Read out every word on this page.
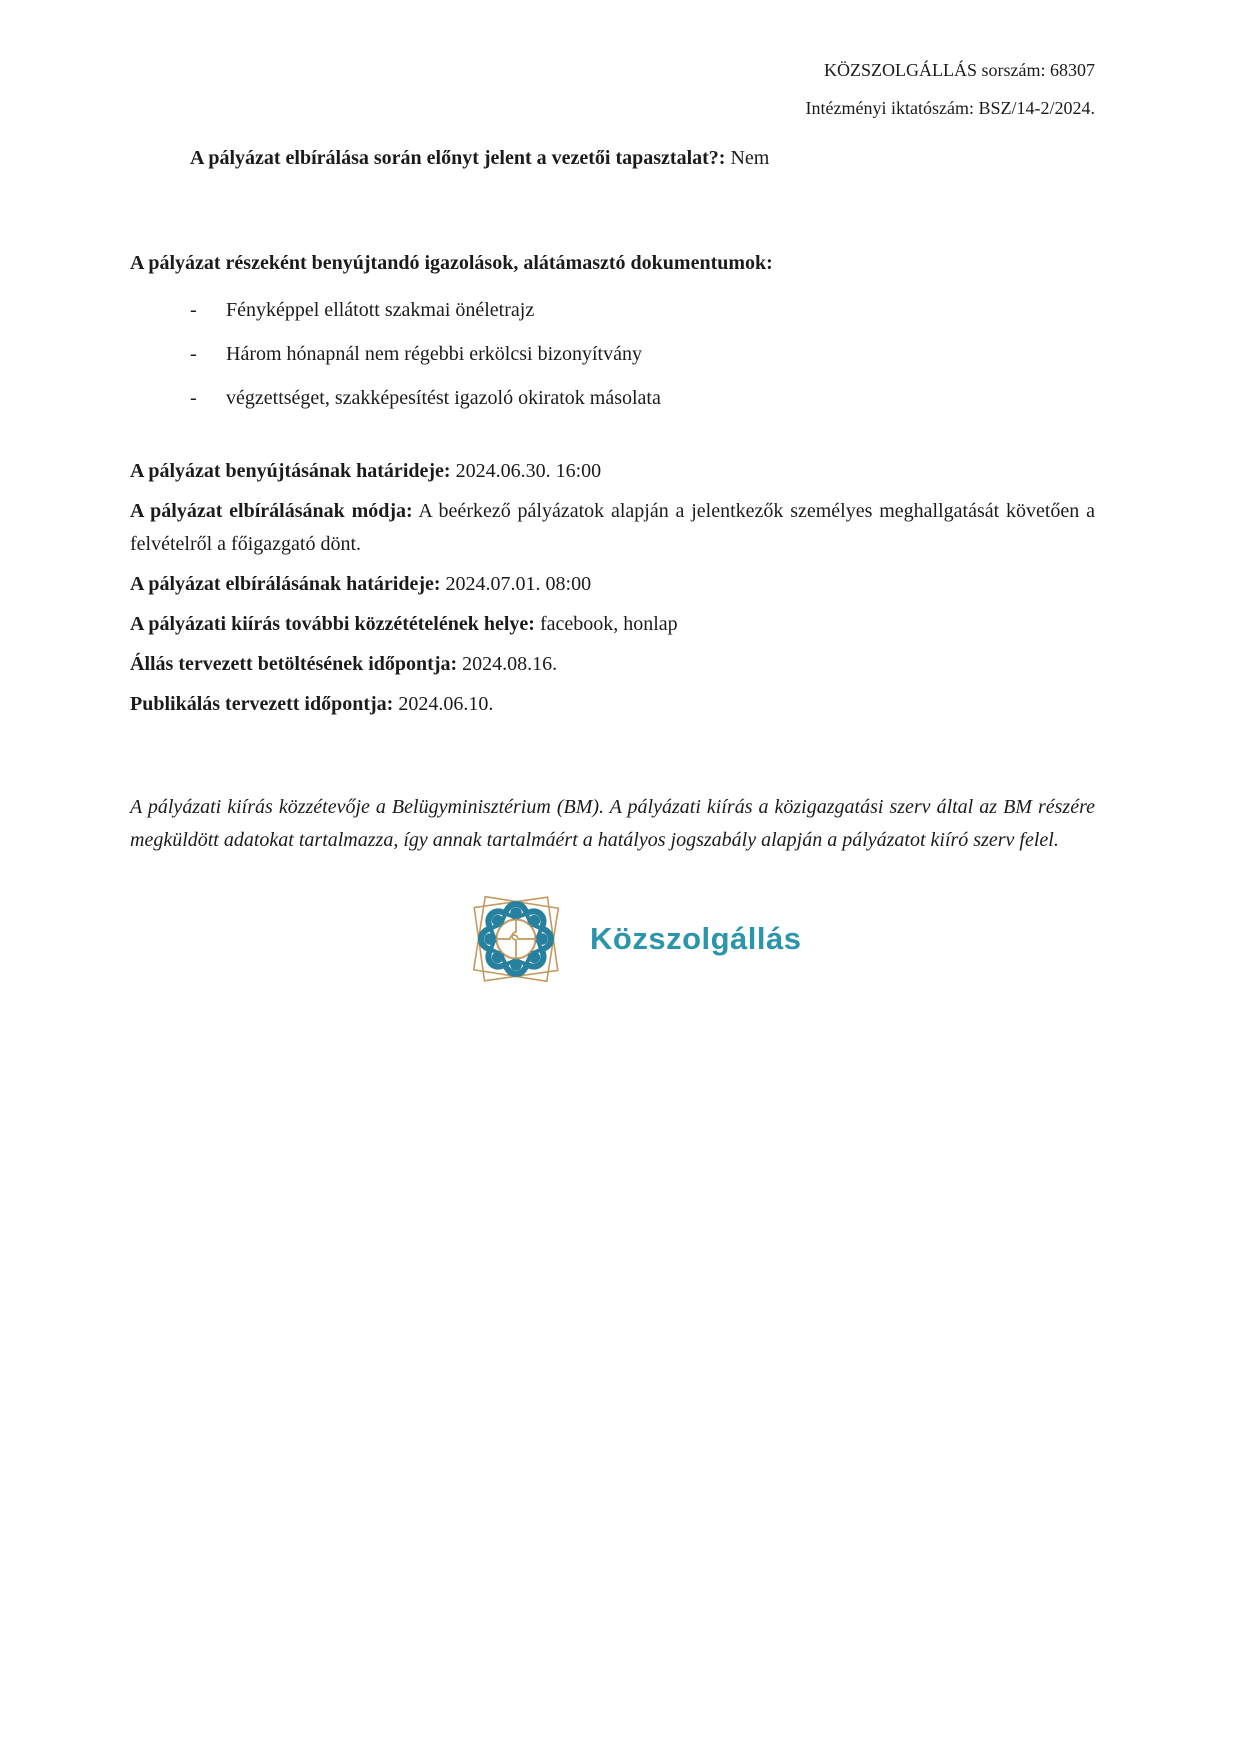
KÖZSZOLGÁLLÁS sorszám: 68307

Intézményi iktatószám: BSZ/14-2/2024.

A pályázat elbírálása során előnyt jelent a vezetői tapasztalat?: Nem

A pályázat részeként benyújtandó igazolások, alátámasztó dokumentumok:

-	Fényképpel ellátott szakmai önéletrajz
-	Három hónapnál nem régebbi erkölcsi bizonyítvány
-	végzettséget, szakképesítést igazoló okiratok másolata

A pályázat benyújtásának határideje: 2024.06.30. 16:00

A pályázat elbírálásának módja: A beérkező pályázatok alapján a jelentkezők személyes meghallgatását követően a felvételről a főigazgató dönt.

A pályázat elbírálásának határideje: 2024.07.01. 08:00

A pályázati kiírás további közzétételének helye: facebook, honlap

Állás tervezett betöltésének időpontja: 2024.08.16.

Publikálás tervezett időpontja: 2024.06.10.

A pályázati kiírás közzétevője a Belügyminisztérium (BM). A pályázati kiírás a közigazgatási szerv által az BM részére megküldött adatokat tartalmazza, így annak tartalmáért a hatályos jogszabály alapján a pályázatot kiíró szerv felel.

Közszolgállás
